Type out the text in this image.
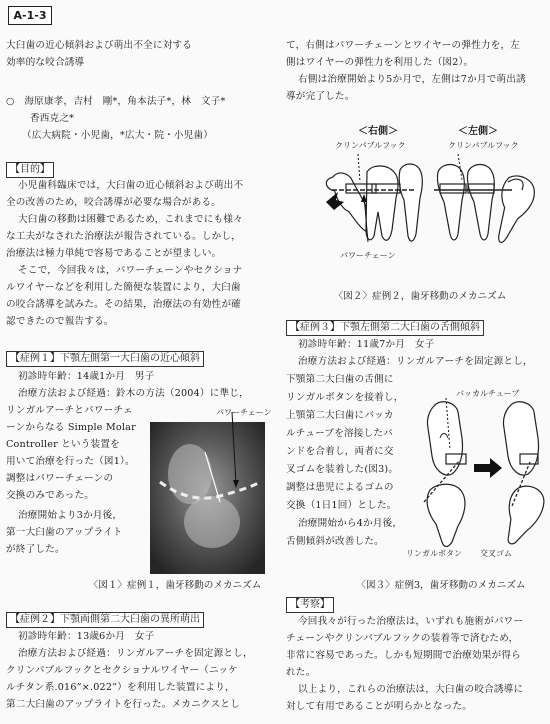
A-1-3
大臼歯の近心傾斜および萌出不全に対する
効率的な咬合誘導
○　海原康孝，吉村　剛*，角本法子*，林　文子*
香西克之*
（広大病院・小児歯，*広大・院・小児歯）
【目的】
小児歯科臨床では，大臼歯の近心傾斜および萌出不
全の改善のため，咬合誘導が必要な場合がある。
大臼歯の移動は困難であるため，これまでにも様々
な工夫がなされた治療法が報告されている。しかし，
治療法は極力単純で容易であることが望ましい。
そこで，今回我々は，パワーチェーンやセクショナ
ルワイヤーなどを利用した簡便な装置により，大臼歯
の咬合誘導を試みた。その結果，治療法の有効性が確
認できたので報告する。
【症例１】下顎左側第一大臼歯の近心傾斜
初診時年齢：14歳1か月　男子
治療方法および経過：鈴木の方法（2004）に準じ，
リンガルアーチとパワーチェ
ーンからなる Simple Molar
Controller という装置を
用いて治療を行った（図1）。
調整はパワーチェーンの
交換のみであった。
治療開始より3か月後，
第一大臼歯のアップライト
が終了した。
パワーチェーン
〈図１〉症例１，歯牙移動のメカニズム
【症例２】下顎両側第二大臼歯の異所萌出
初診時年齢：13歳6か月　女子
治療方法および経過：リンガルアーチを固定源とし，
クリンパブルフックとセクショナルワイヤー（ニッケ
ルチタン系.016”×.022”）を利用した装置により，
第二大臼歯のアップライトを行った。メカニクスとし
て，右側はパワーチェーンとワイヤーの弾性力を，左
側はワイヤーの弾性力を利用した（図2）。
右側は治療開始より5か月で，左側は7か月で萌出誘
導が完了した。
＜右側＞	＜左側＞
クリンパブルフック	クリンパブルフック
パワーチェーン
〈図２〉症例２，歯牙移動のメカニズム
【症例３】下顎左側第二大臼歯の舌側傾斜
初診時年齢：11歳7か月　女子
治療方法および経過：リンガルアーチを固定源とし，
下顎第二大臼歯の舌側に
リンガルボタンを接着し，
上顎第二大臼歯にバッカ
ルチューブを溶接したバ
ンドを合着し，両者に交
叉ゴムを装着した(図3)。
調整は患児によるゴムの
交換（1日1回）とした。
治療開始から4か月後，
舌側傾斜が改善した。
バッカルチューブ
リンガルボタン 交叉ゴム
〈図３〉症例3，歯牙移動のメカニズム
【考察】
今回我々が行った治療法は，いずれも施術がパワー
チェーンやクリンパブルフックの装着等で済むため，
非常に容易であった。しかも短期間で治療効果が得ら
れた。
以上より，これらの治療法は，大臼歯の咬合誘導に
対して有用であることが明らかとなった。
